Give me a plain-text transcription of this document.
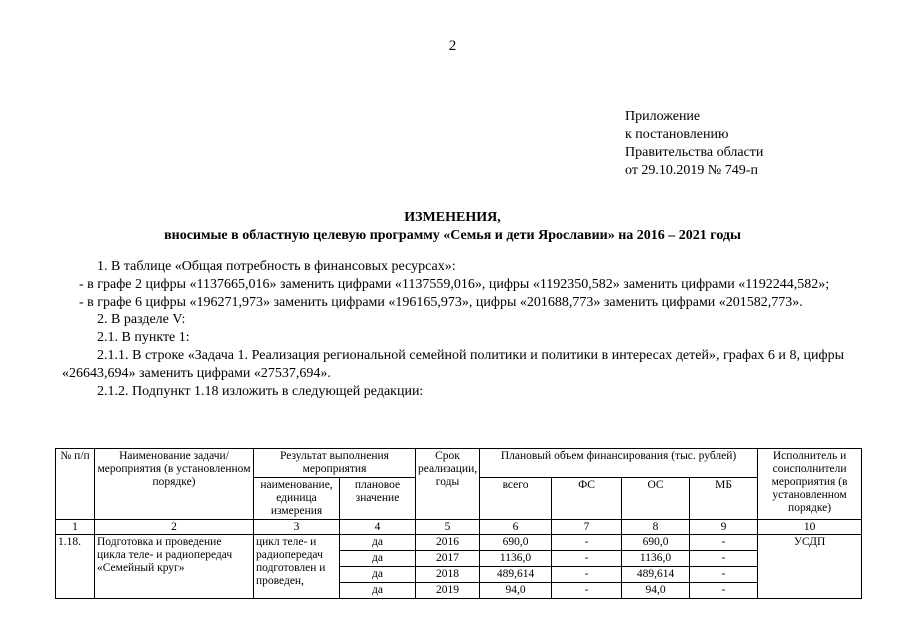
2
Приложение
к постановлению
Правительства области
от 29.10.2019 № 749-п
ИЗМЕНЕНИЯ,
вносимые в областную целевую программу «Семья и дети Ярославии» на 2016 – 2021 годы

1. В таблице «Общая потребность в финансовых ресурсах»:

- в графе 2 цифры «1137665,016» заменить цифрами «1137559,016», цифры «1192350,582» заменить цифрами «1192244,582»;

- в графе 6 цифры «196271,973» заменить цифрами «196165,973», цифры «201688,773» заменить цифрами «201582,773».

2. В разделе V:

2.1. В пункте 1:

2.1.1. В строке «Задача 1. Реализация региональной семейной политики и политики в интересах детей», графах 6 и 8, цифры «26643,694» заменить цифрами «27537,694».

2.1.2. Подпункт 1.18 изложить в следующей редакции:

№ п/п	Наименование задачи/мероприятия (в установленном порядке)	Результат выполнения мероприятия		Срок реализации, годы	Плановый объем финансирования (тыс. рублей)				Исполнитель и соисполнители мероприятия (в установленном порядке)
		наименование, единица измерения	плановое значение		всего	ФС	ОС	МБ	
1	2	3	4	5	6	7	8	9	10
1.18.	Подготовка и проведение цикла теле- и радиопередач «Семейный круг»	цикл теле- и радиопередач подготовлен и проведен,	да	2016	690,0	-	690,0	-	УСДП
			да	2017	1136,0	-	1136,0	-	
			да	2018	489,614	-	489,614	-	
			да	2019	94,0	-	94,0	-	
